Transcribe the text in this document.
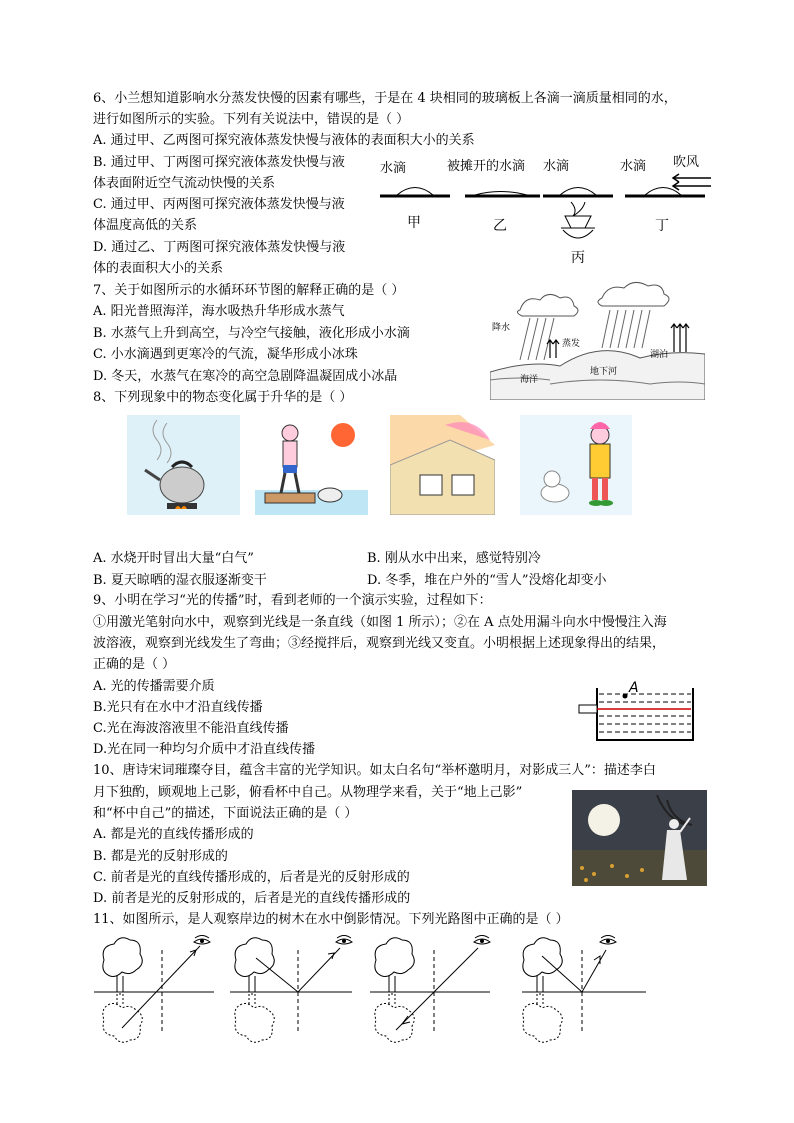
6、小兰想知道影响水分蒸发快慢的因素有哪些，于是在 4 块相同的玻璃板上各滴一滴质量相同的水，
进行如图所示的实验。下列有关说法中，错误的是（ ）
A. 通过甲、乙两图可探究液体蒸发快慢与液体的表面积大小的关系
B. 通过甲、丁两图可探究液体蒸发快慢与液
体表面附近空气流动快慢的关系
C. 通过甲、丙两图可探究液体蒸发快慢与液
体温度高低的关系
D. 通过乙、丁两图可探究液体蒸发快慢与液
体的表面积大小的关系
水滴	被摊开的水滴 水滴	水滴 吹风
甲	乙
丙
丁
7、关于如图所示的水循环环节图的解释正确的是（ ）
A. 阳光普照海洋，海水吸热升华形成水蒸气
B. 水蒸气上升到高空，与冷空气接触，液化形成小水滴
C. 小水滴遇到更寒冷的气流，凝华形成小冰珠
D. 冬天，水蒸气在寒冷的高空急剧降温凝固成小冰晶
降水
蒸发
湖泊
海洋
地下河
8、下列现象中的物态变化属于升华的是（ ）
A. 水烧开时冒出大量“白气”	B. 刚从水中出来，感觉特别冷
B. 夏天晾晒的湿衣服逐渐变干	D. 冬季，堆在户外的“雪人”没熔化却变小
9、小明在学习“光的传播”时，看到老师的一个演示实验，过程如下：
①用激光笔射向水中，观察到光线是一条直线（如图 1 所示）；②在 A 点处用漏斗向水中慢慢注入海
波溶液，观察到光线发生了弯曲；③经搅拌后，观察到光线又变直。小明根据上述现象得出的结果，
正确的是（ ）
A. 光的传播需要介质
B.光只有在水中才沿直线传播
C.光在海波溶液里不能沿直线传播
D.光在同一种均匀介质中才沿直线传播
A
10、唐诗宋词璀璨夺目，蕴含丰富的光学知识。如太白名句“举杯邀明月，对影成三人”：描述李白
月下独酌，顾观地上己影，俯看杯中自己。从物理学来看，关于“地上己影”
和“杯中自己”的描述，下面说法正确的是（ ）
A. 都是光的直线传播形成的
B. 都是光的反射形成的
C. 前者是光的直线传播形成的，后者是光的反射形成的
D. 前者是光的反射形成的，后者是光的直线传播形成的
11、如图所示，是人观察岸边的树木在水中倒影情况。下列光路图中正确的是（ ）
